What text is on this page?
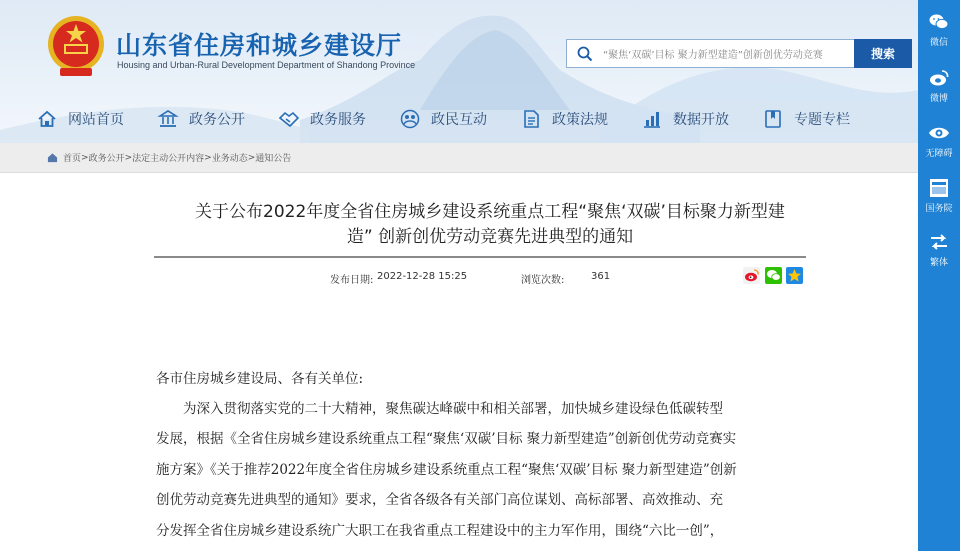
山东省住房和城乡建设厅
Housing and Urban-Rural Development Department of Shandong Province
“聚焦‘双碳’目标 聚力新型建造”创新创优劳动竞赛
搜索
网站首页	政务公开	政务服务	政民互动	政策法规	数据开放	专题专栏
首页 > 政务公开 > 法定主动公开内容 > 业务动态 > 通知公告
微信
微博
无障碍
国务院
繁体
关于公布2022年度全省住房城乡建设系统重点工程“聚焦‘双碳’目标聚力新型建
造” 创新创优劳动竞赛先进典型的通知
发布日期: 2022-12-28 15:25	浏览次数:	361
各市住房城乡建设局、各有关单位:
　　为深入贯彻落实党的二十大精神，聚焦碳达峰碳中和相关部署，加快城乡建设绿色低碳转型
发展，根据《全省住房城乡建设系统重点工程“聚焦‘双碳’目标 聚力新型建造”创新创优劳动竞赛实
施方案》《关于推荐2022年度全省住房城乡建设系统重点工程“聚焦‘双碳’目标 聚力新型建造”创新
创优劳动竞赛先进典型的通知》要求，全省各级各有关部门高位谋划、高标部署、高效推动、充
分发挥全省住房城乡建设系统广大职工在我省重点工程建设中的主力军作用，围绕“六比一创”，
